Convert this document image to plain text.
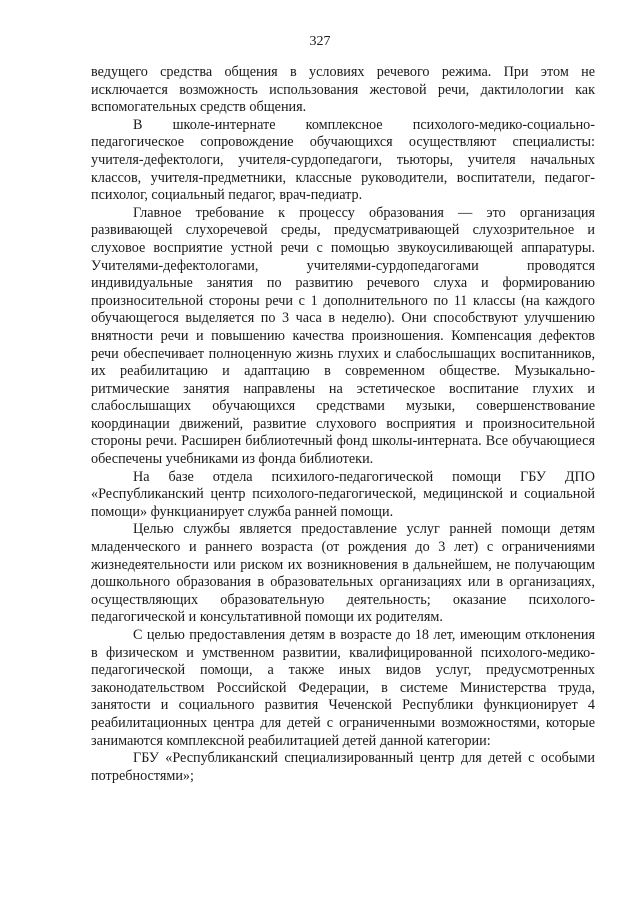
327

ведущего средства общения в условиях речевого режима. При этом не исключается возможность использования жестовой речи, дактилологии как вспомогательных средств общения.

В школе-интернате комплексное психолого-медико-социально-педагогическое сопровождение обучающихся осуществляют специалисты: учителя-дефектологи, учителя-сурдопедагоги, тьюторы, учителя начальных классов, учителя-предметники, классные руководители, воспитатели, педагог-психолог, социальный педагог, врач-педиатр.

Главное требование к процессу образования — это организация развивающей слухоречевой среды, предусматривающей слухозрительное и слуховое восприятие устной речи с помощью звукоусиливающей аппаратуры. Учителями-дефектологами, учителями-сурдопедагогами проводятся индивидуальные занятия по развитию речевого слуха и формированию произносительной стороны речи с 1 дополнительного по 11 классы (на каждого обучающегося выделяется по 3 часа в неделю). Они способствуют улучшению внятности речи и повышению качества произношения. Компенсация дефектов речи обеспечивает полноценную жизнь глухих и слабослышащих воспитанников, их реабилитацию и адаптацию в современном обществе. Музыкально-ритмические занятия направлены на эстетическое воспитание глухих и слабослышащих обучающихся средствами музыки, совершенствование координации движений, развитие слухового восприятия и произносительной стороны речи. Расширен библиотечный фонд школы-интерната. Все обучающиеся обеспечены учебниками из фонда библиотеки.

На базе отдела психилого-педагогической помощи ГБУ ДПО «Республиканский центр психолого-педагогической, медицинской и социальной помощи» функцианирует служба ранней помощи.

Целью службы является предоставление услуг ранней помощи детям младенческого и раннего возраста (от рождения до 3 лет) с ограничениями жизнедеятельности или риском их возникновения в дальнейшем, не получающим дошкольного образования в образовательных организациях или в организациях, осуществляющих образовательную деятельность; оказание психолого-педагогической и консультативной помощи их родителям.

С целью предоставления детям в возрасте до 18 лет, имеющим отклонения в физическом и умственном развитии, квалифицированной психолого-медико-педагогической помощи, а также иных видов услуг, предусмотренных законодательством Российской Федерации, в системе Министерства труда, занятости и социального развития Чеченской Республики функционирует 4 реабилитационных центра для детей с ограниченными возможностями, которые занимаются комплексной реабилитацией детей данной категории:

ГБУ «Республиканский специализированный центр для детей с особыми потребностями»;
